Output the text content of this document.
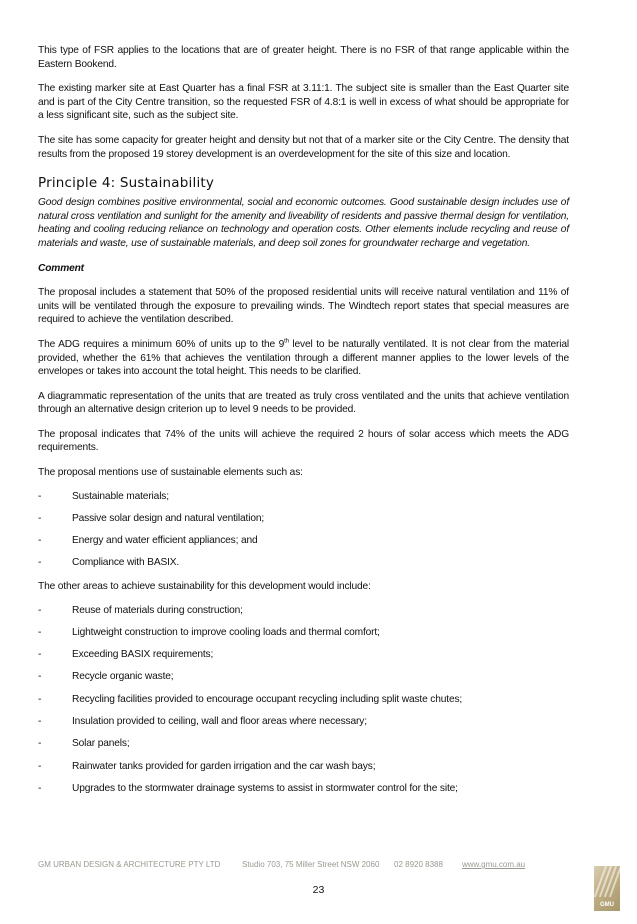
This type of FSR applies to the locations that are of greater height. There is no FSR of that range applicable within the Eastern Bookend.

The existing marker site at East Quarter has a final FSR at 3.11:1. The subject site is smaller than the East Quarter site and is part of the City Centre transition, so the requested FSR of 4.8:1 is well in excess of what should be appropriate for a less significant site, such as the subject site.

The site has some capacity for greater height and density but not that of a marker site or the City Centre. The density that results from the proposed 19 storey development is an overdevelopment for the site of this size and location.

Principle 4: Sustainability

Good design combines positive environmental, social and economic outcomes. Good sustainable design includes use of natural cross ventilation and sunlight for the amenity and liveability of residents and passive thermal design for ventilation, heating and cooling reducing reliance on technology and operation costs. Other elements include recycling and reuse of materials and waste, use of sustainable materials, and deep soil zones for groundwater recharge and vegetation.

Comment

The proposal includes a statement that 50% of the proposed residential units will receive natural ventilation and 11% of units will be ventilated through the exposure to prevailing winds. The Windtech report states that special measures are required to achieve the ventilation described.

The ADG requires a minimum 60% of units up to the 9th level to be naturally ventilated. It is not clear from the material provided, whether the 61% that achieves the ventilation through a different manner applies to the lower levels of the envelopes or takes into account the total height. This needs to be clarified.

A diagrammatic representation of the units that are treated as truly cross ventilated and the units that achieve ventilation through an alternative design criterion up to level 9 needs to be provided.

The proposal indicates that 74% of the units will achieve the required 2 hours of solar access which meets the ADG requirements.

The proposal mentions use of sustainable elements such as:

-	Sustainable materials;
-	Passive solar design and natural ventilation;
-	Energy and water efficient appliances; and
-	Compliance with BASIX.

The other areas to achieve sustainability for this development would include:

-	Reuse of materials during construction;
-	Lightweight construction to improve cooling loads and thermal comfort;
-	Exceeding BASIX requirements;
-	Recycle organic waste;
-	Recycling facilities provided to encourage occupant recycling including split waste chutes;
-	Insulation provided to ceiling, wall and floor areas where necessary;
-	Solar panels;
-	Rainwater tanks provided for garden irrigation and the car wash bays;
-	Upgrades to the stormwater drainage systems to assist in stormwater control for the site;
GM URBAN DESIGN & ARCHITECTURE PTY LTD	Studio 703, 75 Miller Street NSW 2060 02 8920 8388 www.gmu.com.au
23
GMU
